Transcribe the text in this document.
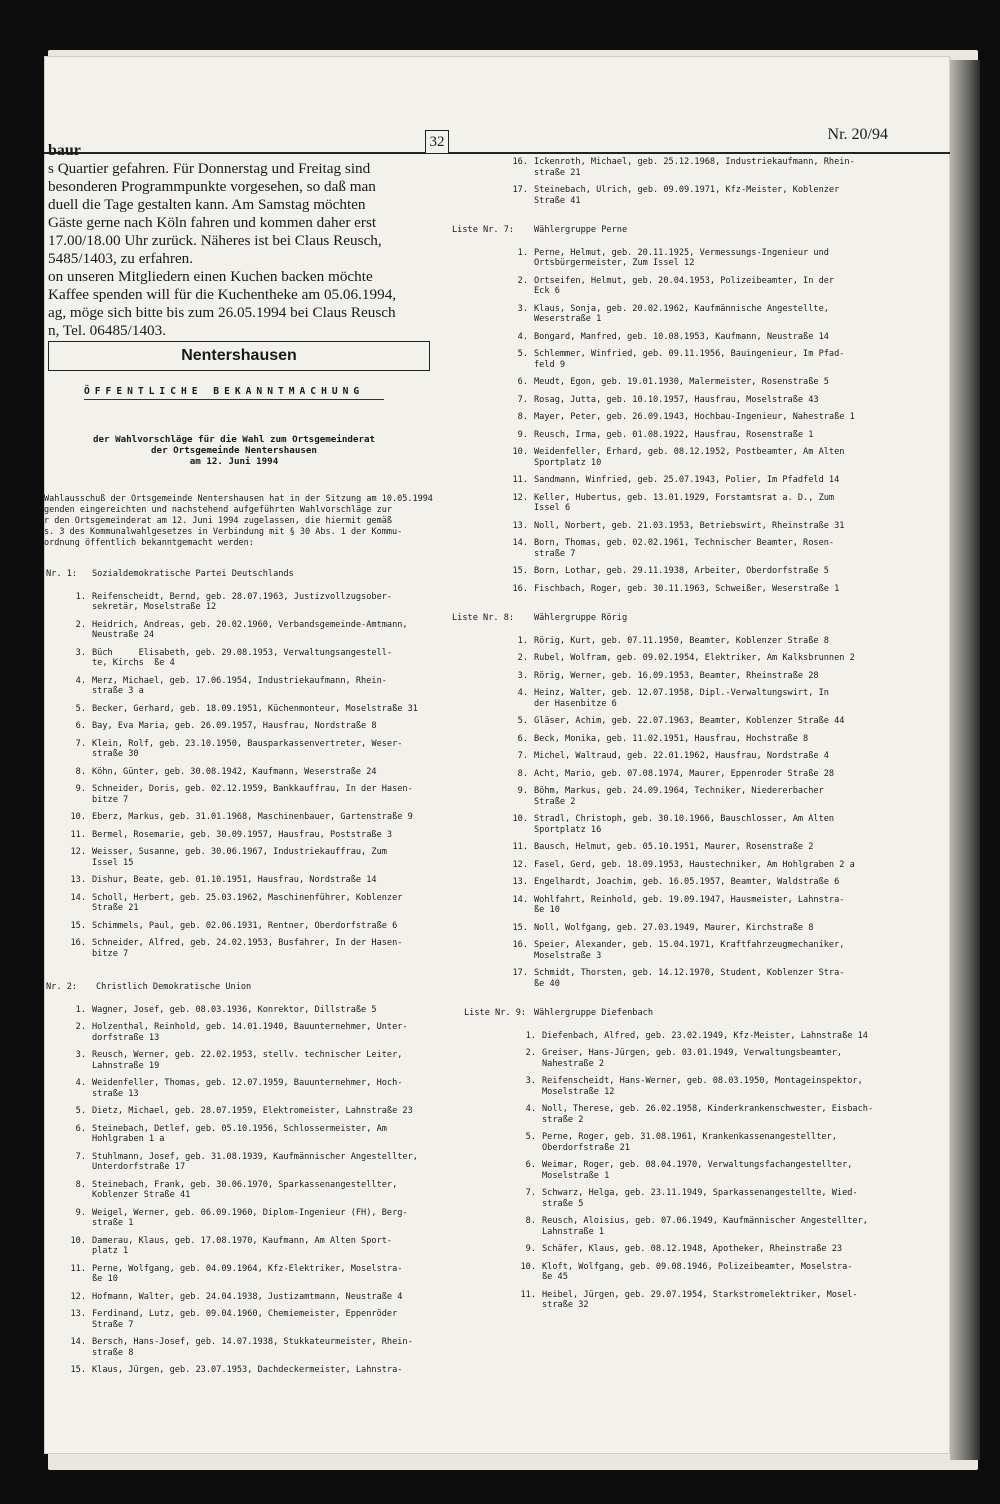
baur	32	Nr. 20/94
s Quartier gefahren. Für Donnerstag und Freitag sind
besonderen Programmpunkte vorgesehen, so daß man
duell die Tage gestalten kann. Am Samstag möchten
Gäste gerne nach Köln fahren und kommen daher erst
17.00/18.00 Uhr zurück. Näheres ist bei Claus Reusch,
5485/1403, zu erfahren.
on unseren Mitgliedern einen Kuchen backen möchte
Kaffee spenden will für die Kuchentheke am 05.06.1994,
ag, möge sich bitte bis zum 26.05.1994 bei Claus Reusch
n, Tel. 06485/1403.
Nentershausen
ÖFFENTLICHE BEKANNTMACHUNG
der Wahlvorschläge für die Wahl zum Ortsgemeinderat
der Ortsgemeinde Nentershausen
am 12. Juni 1994
Wahlausschuß der Ortsgemeinde Nentershausen hat in der Sitzung am 10.05.1994
genden eingereichten und nachstehend aufgeführten Wahlvorschläge zur
r den Ortsgemeinderat am 12. Juni 1994 zugelassen, die hiermit gemäß
s. 3 des Kommunalwahlgesetzes in Verbindung mit § 30 Abs. 1 der Kommu-
ordnung öffentlich bekanntgemacht werden:
Nr. 1: Sozialdemokratische Partei Deutschlands
1. Reifenscheidt, Bernd, geb. 28.07.1963, Justizvollzugsober-
sekretär, Moselstraße 12
2. Heidrich, Andreas, geb. 20.02.1960, Verbandsgemeinde-Amtmann,
Neustraße 24
3. Büch     Elisabeth, geb. 29.08.1953, Verwaltungsangestell-
te, Kirchs  ße 4
4. Merz, Michael, geb. 17.06.1954, Industriekaufmann, Rhein-
straße 3 a
5. Becker, Gerhard, geb. 18.09.1951, Küchenmonteur, Moselstraße 31
6. Bay, Eva Maria, geb. 26.09.1957, Hausfrau, Nordstraße 8
7. Klein, Rolf, geb. 23.10.1950, Bausparkassenvertreter, Weser-
straße 30
8. Köhn, Günter, geb. 30.08.1942, Kaufmann, Weserstraße 24
9. Schneider, Doris, geb. 02.12.1959, Bankkauffrau, In der Hasen-
bitze 7
10. Eberz, Markus, geb. 31.01.1968, Maschinenbauer, Gartenstraße 9
11. Bermel, Rosemarie, geb. 30.09.1957, Hausfrau, Poststraße 3
12. Weisser, Susanne, geb. 30.06.1967, Industriekauffrau, Zum
Issel 15
13. Dishur, Beate, geb. 01.10.1951, Hausfrau, Nordstraße 14
14. Scholl, Herbert, geb. 25.03.1962, Maschinenführer, Koblenzer
Straße 21
15. Schimmels, Paul, geb. 02.06.1931, Rentner, Oberdorfstraße 6
16. Schneider, Alfred, geb. 24.02.1953, Busfahrer, In der Hasen-
bitze 7
Nr. 2: Christlich Demokratische Union
1. Wagner, Josef, geb. 08.03.1936, Konrektor, Dillstraße 5
2. Holzenthal, Reinhold, geb. 14.01.1940, Bauunternehmer, Unter-
dorfstraße 13
3. Reusch, Werner, geb. 22.02.1953, stellv. technischer Leiter,
Lahnstraße 19
4. Weidenfeller, Thomas, geb. 12.07.1959, Bauunternehmer, Hoch-
straße 13
5. Dietz, Michael, geb. 28.07.1959, Elektromeister, Lahnstraße 23
6. Steinebach, Detlef, geb. 05.10.1956, Schlossermeister, Am
Hohlgraben 1 a
7. Stuhlmann, Josef, geb. 31.08.1939, Kaufmännischer Angestellter,
Unterdorfstraße 17
8. Steinebach, Frank, geb. 30.06.1970, Sparkassenangestellter,
Koblenzer Straße 41
9. Weigel, Werner, geb. 06.09.1960, Diplom-Ingenieur (FH), Berg-
straße 1
10. Damerau, Klaus, geb. 17.08.1970, Kaufmann, Am Alten Sport-
platz 1
11. Perne, Wolfgang, geb. 04.09.1964, Kfz-Elektriker, Moselstra-
ße 10
12. Hofmann, Walter, geb. 24.04.1938, Justizamtmann, Neustraße 4
13. Ferdinand, Lutz, geb. 09.04.1960, Chemiemeister, Eppenröder
Straße 7
14. Bersch, Hans-Josef, geb. 14.07.1938, Stukkateurmeister, Rhein-
straße 8
15. Klaus, Jürgen, geb. 23.07.1953, Dachdeckermeister, Lahnstra-
16. Ickenroth, Michael, geb. 25.12.1968, Industriekaufmann, Rhein-
straße 21
17. Steinebach, Ulrich, geb. 09.09.1971, Kfz-Meister, Koblenzer
Straße 41
Liste Nr. 7: Wählergruppe Perne
1. Perne, Helmut, geb. 20.11.1925, Vermessungs-Ingenieur und
Ortsbürgermeister, Zum Issel 12
2. Ortseifen, Helmut, geb. 20.04.1953, Polizeibeamter, In der
Eck 6
3. Klaus, Sonja, geb. 20.02.1962, Kaufmännische Angestellte,
Weserstraße 1
4. Bongard, Manfred, geb. 10.08.1953, Kaufmann, Neustraße 14
5. Schlemmer, Winfried, geb. 09.11.1956, Bauingenieur, Im Pfad-
feld 9
6. Meudt, Egon, geb. 19.01.1930, Malermeister, Rosenstraße 5
7. Rosag, Jutta, geb. 10.10.1957, Hausfrau, Moselstraße 43
8. Mayer, Peter, geb. 26.09.1943, Hochbau-Ingenieur, Nahestraße 1
9. Reusch, Irma, geb. 01.08.1922, Hausfrau, Rosenstraße 1
10. Weidenfeller, Erhard, geb. 08.12.1952, Postbeamter, Am Alten
Sportplatz 10
11. Sandmann, Winfried, geb. 25.07.1943, Polier, Im Pfadfeld 14
12. Keller, Hubertus, geb. 13.01.1929, Forstamtsrat a. D., Zum
Issel 6
13. Noll, Norbert, geb. 21.03.1953, Betriebswirt, Rheinstraße 31
14. Born, Thomas, geb. 02.02.1961, Technischer Beamter, Rosen-
straße 7
15. Born, Lothar, geb. 29.11.1938, Arbeiter, Oberdorfstraße 5
16. Fischbach, Roger, geb. 30.11.1963, Schweißer, Weserstraße 1
Liste Nr. 8: Wählergruppe Rörig
1. Rörig, Kurt, geb. 07.11.1950, Beamter, Koblenzer Straße 8
2. Rubel, Wolfram, geb. 09.02.1954, Elektriker, Am Kalksbrunnen 2
3. Rörig, Werner, geb. 16.09.1953, Beamter, Rheinstraße 28
4. Heinz, Walter, geb. 12.07.1958, Dipl.-Verwaltungswirt, In
der Hasenbitze 6
5. Gläser, Achim, geb. 22.07.1963, Beamter, Koblenzer Straße 44
6. Beck, Monika, geb. 11.02.1951, Hausfrau, Hochstraße 8
7. Michel, Waltraud, geb. 22.01.1962, Hausfrau, Nordstraße 4
8. Acht, Mario, geb. 07.08.1974, Maurer, Eppenroder Straße 28
9. Böhm, Markus, geb. 24.09.1964, Techniker, Niedererbacher
Straße 2
10. Stradl, Christoph, geb. 30.10.1966, Bauschlosser, Am Alten
Sportplatz 16
11. Bausch, Helmut, geb. 05.10.1951, Maurer, Rosenstraße 2
12. Fasel, Gerd, geb. 18.09.1953, Haustechniker, Am Hohlgraben 2 a
13. Engelhardt, Joachim, geb. 16.05.1957, Beamter, Waldstraße 6
14. Wohlfahrt, Reinhold, geb. 19.09.1947, Hausmeister, Lahnstra-
ße 10
15. Noll, Wolfgang, geb. 27.03.1949, Maurer, Kirchstraße 8
16. Speier, Alexander, geb. 15.04.1971, Kraftfahrzeugmechaniker,
Moselstraße 3
17. Schmidt, Thorsten, geb. 14.12.1970, Student, Koblenzer Stra-
ße 40
Liste Nr. 9: Wählergruppe Diefenbach
1. Diefenbach, Alfred, geb. 23.02.1949, Kfz-Meister, Lahnstraße 14
2. Greiser, Hans-Jürgen, geb. 03.01.1949, Verwaltungsbeamter,
Nahestraße 2
3. Reifenscheidt, Hans-Werner, geb. 08.03.1950, Montageinspektor,
Moselstraße 12
4. Noll, Therese, geb. 26.02.1958, Kinderkrankenschwester, Eisbach-
straße 2
5. Perne, Roger, geb. 31.08.1961, Krankenkassenangestellter,
Oberdorfstraße 21
6. Weimar, Roger, geb. 08.04.1970, Verwaltungsfachangestellter,
Moselstraße 1
7. Schwarz, Helga, geb. 23.11.1949, Sparkassenangestellte, Wied-
straße 5
8. Reusch, Aloisius, geb. 07.06.1949, Kaufmännischer Angestellter,
Lahnstraße 1
9. Schäfer, Klaus, geb. 08.12.1948, Apotheker, Rheinstraße 23
10. Kloft, Wolfgang, geb. 09.08.1946, Polizeibeamter, Moselstra-
ße 45
11. Heibel, Jürgen, geb. 29.07.1954, Starkstromelektriker, Mosel-
straße 32
